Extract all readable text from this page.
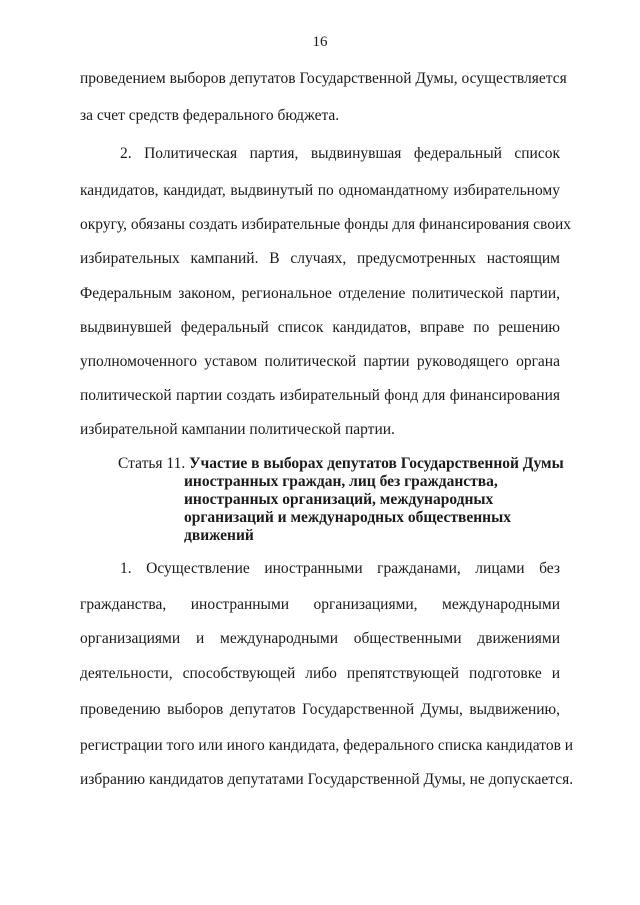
16
проведением выборов депутатов Государственной Думы, осуществляется
за счет средств федерального бюджета.
2. Политическая партия, выдвинувшая федеральный список
кандидатов, кандидат, выдвинутый по одномандатному избирательному
округу, обязаны создать избирательные фонды для финансирования своих
избирательных кампаний. В случаях, предусмотренных настоящим
Федеральным законом, региональное отделение политической партии,
выдвинувшей федеральный список кандидатов, вправе по решению
уполномоченного уставом политической партии руководящего органа
политической партии создать избирательный фонд для финансирования
избирательной кампании политической партии.
Статья 11. Участие в выборах депутатов Государственной Думы
иностранных граждан, лиц без гражданства,
иностранных организаций, международных
организаций и международных общественных
движений
1. Осуществление иностранными гражданами, лицами без
гражданства, иностранными организациями, международными
организациями и международными общественными движениями
деятельности, способствующей либо препятствующей подготовке и
проведению выборов депутатов Государственной Думы, выдвижению,
регистрации того или иного кандидата, федерального списка кандидатов и
избранию кандидатов депутатами Государственной Думы, не допускается.
